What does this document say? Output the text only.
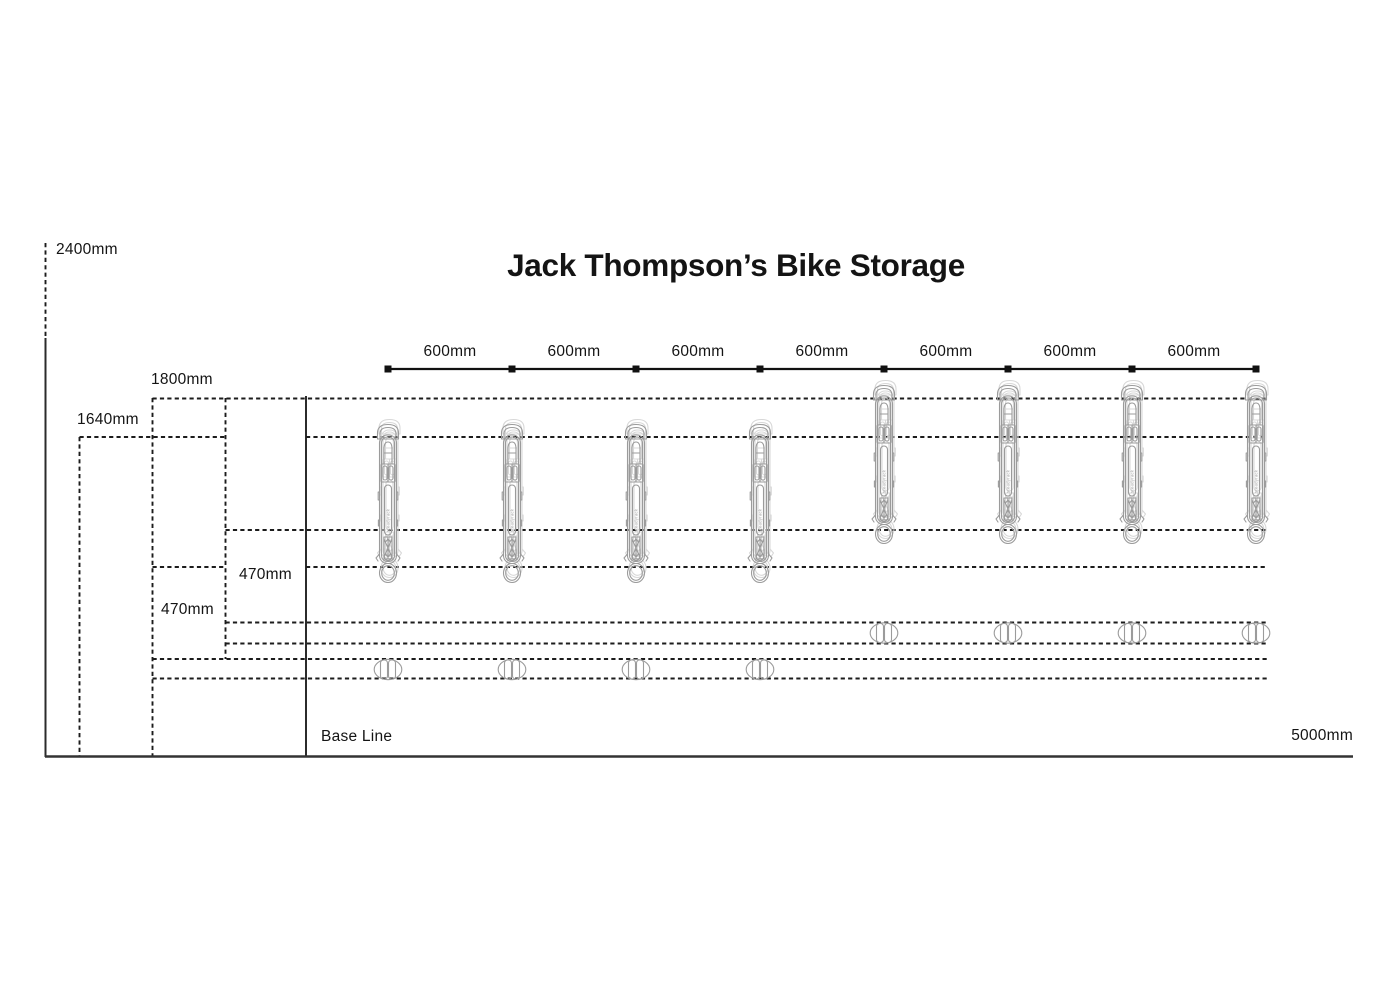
steadyrack	steadyrack	steadyrack	steadyrack
steadyrack	steadyrack	steadyrack	steadyrack
Jack Thompson’s Bike Storage
2400mm
1800mm
1640mm
470mm
470mm
Base Line	5000mm
600mm	600mm	600mm	600mm	600mm	600mm	600mm
